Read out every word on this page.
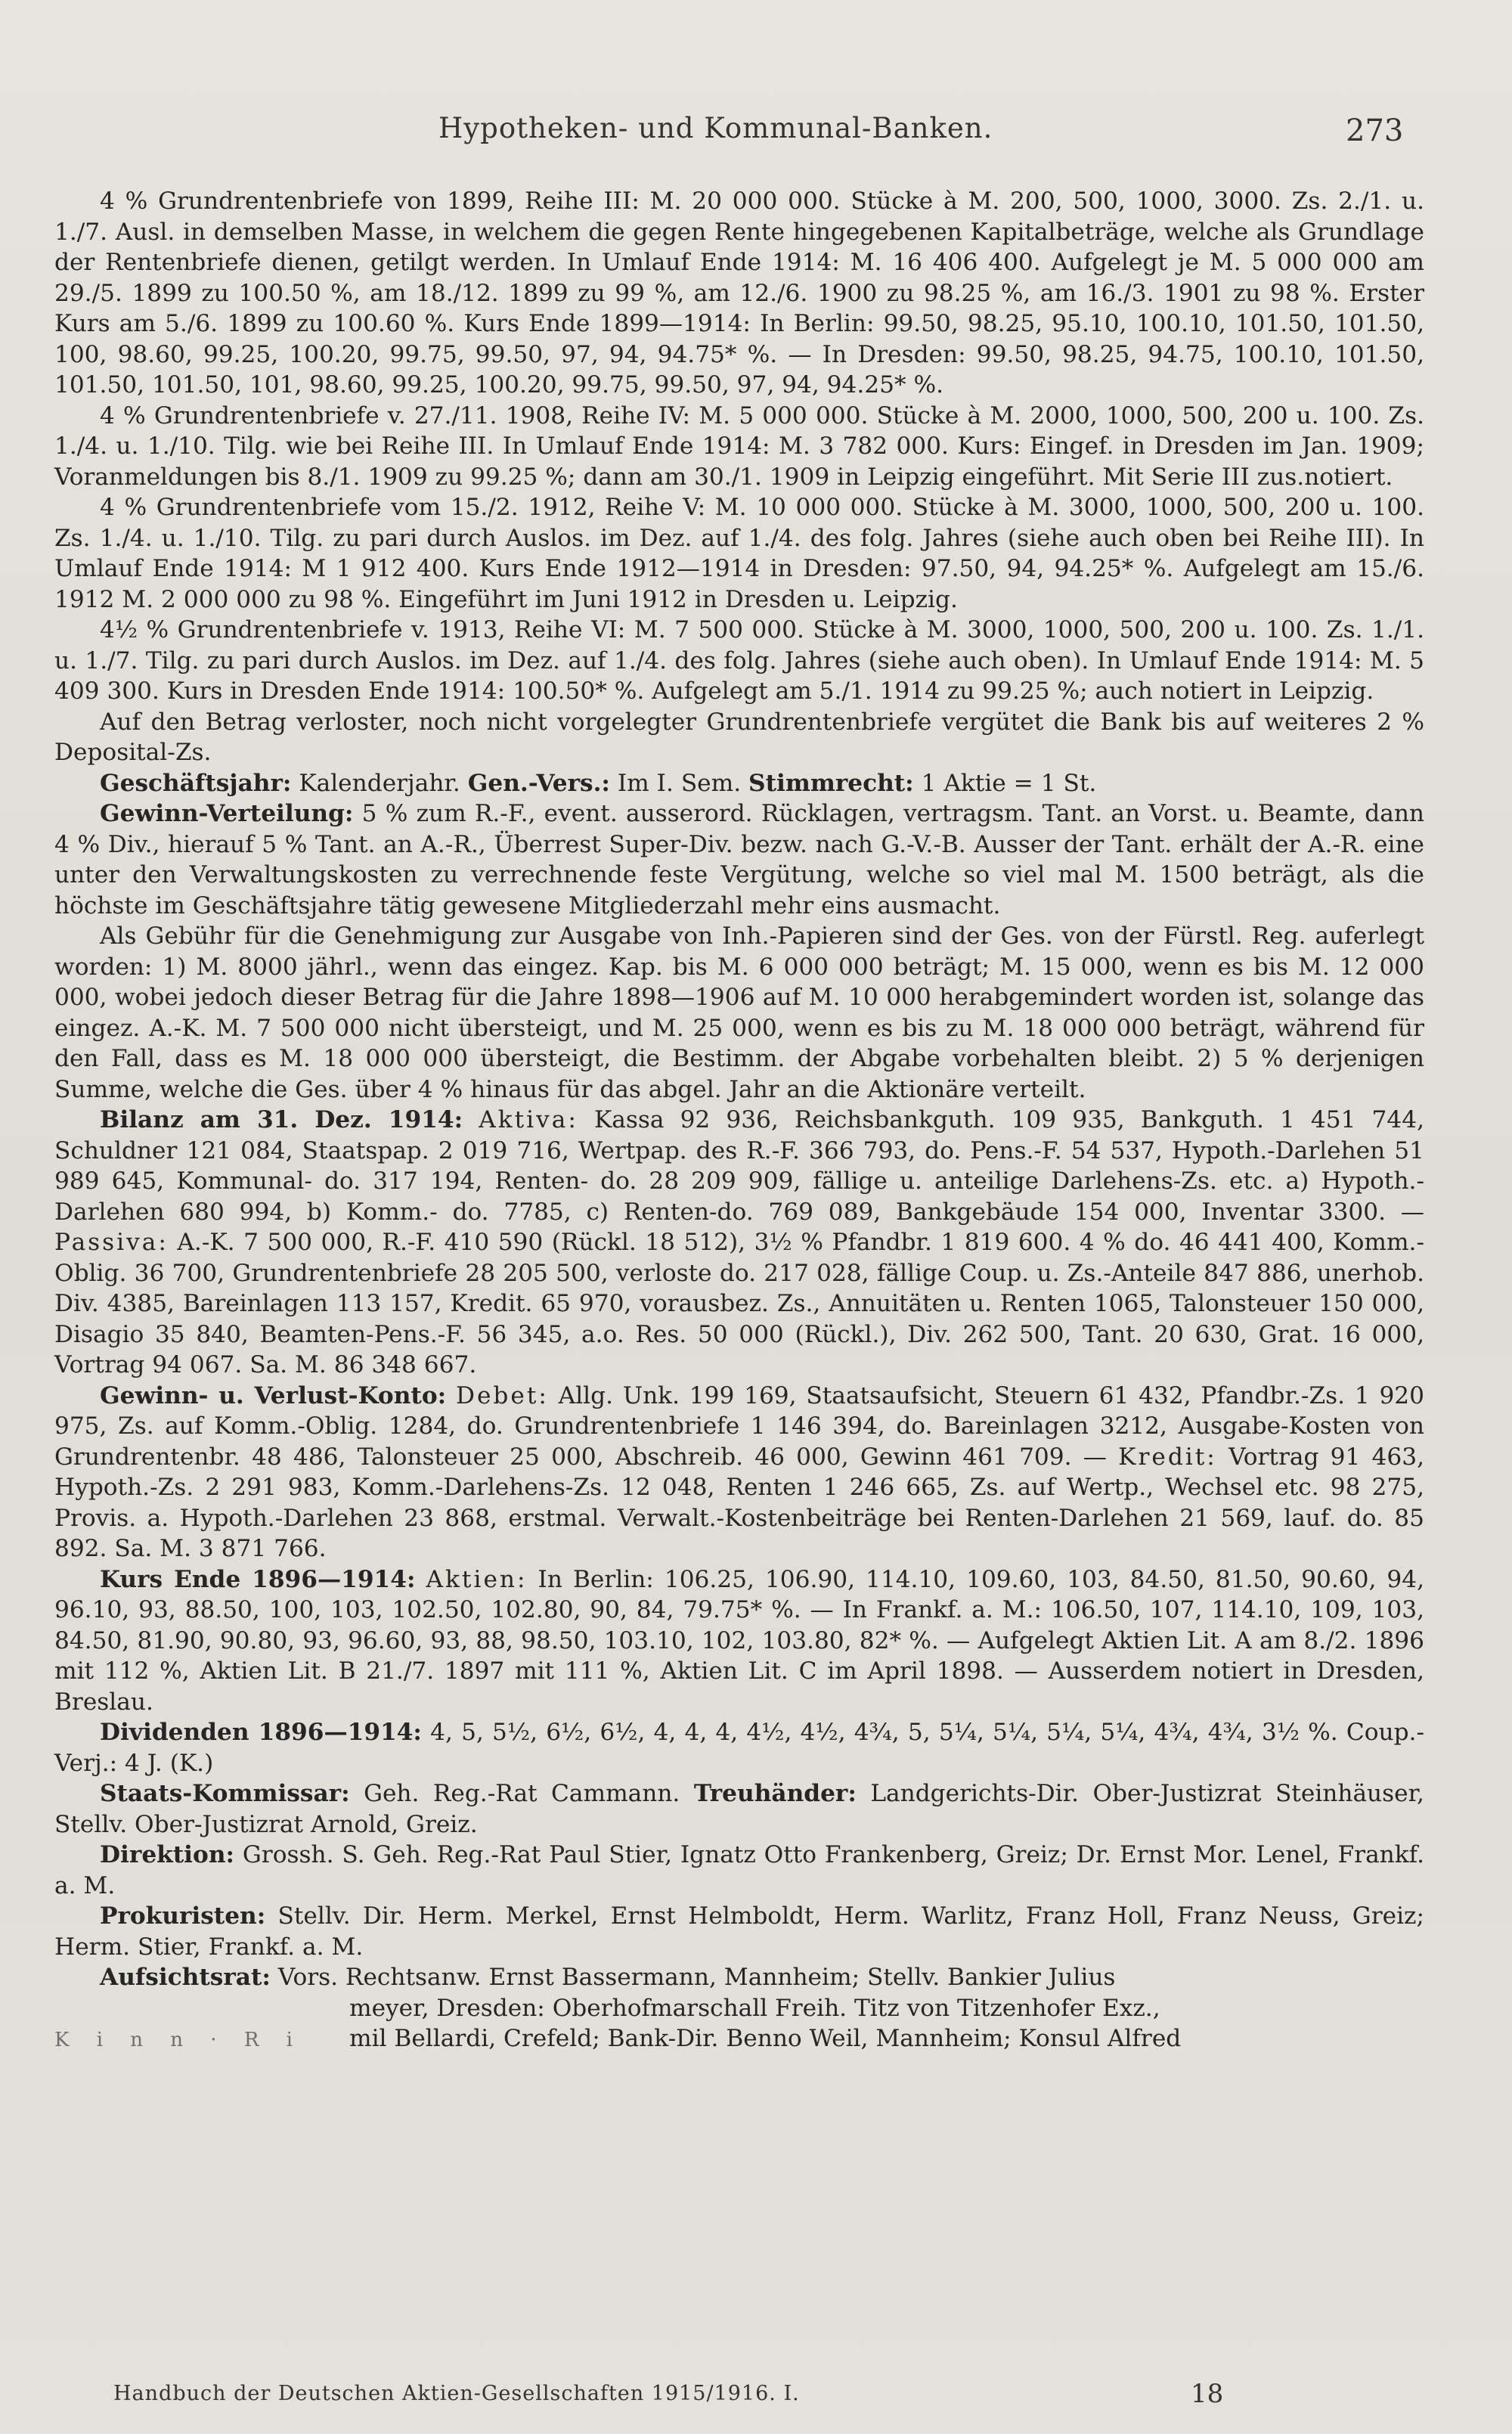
Hypotheken- und Kommunal-Banken.	273

4 % Grundrentenbriefe von 1899, Reihe III: M. 20 000 000. Stücke à M. 200, 500, 1000, 3000. Zs. 2./1. u. 1./7. Ausl. in demselben Masse, in welchem die gegen Rente hingegebenen Kapitalbeträge, welche als Grundlage der Rentenbriefe dienen, getilgt werden. In Umlauf Ende 1914: M. 16 406 400. Aufgelegt je M. 5 000 000 am 29./5. 1899 zu 100.50 %, am 18./12. 1899 zu 99 %, am 12./6. 1900 zu 98.25 %, am 16./3. 1901 zu 98 %. Erster Kurs am 5./6. 1899 zu 100.60 %. Kurs Ende 1899—1914: In Berlin: 99.50, 98.25, 95.10, 100.10, 101.50, 101.50, 100, 98.60, 99.25, 100.20, 99.75, 99.50, 97, 94, 94.75* %. — In Dresden: 99.50, 98.25, 94.75, 100.10, 101.50, 101.50, 101.50, 101, 98.60, 99.25, 100.20, 99.75, 99.50, 97, 94, 94.25* %.

4 % Grundrentenbriefe v. 27./11. 1908, Reihe IV: M. 5 000 000. Stücke à M. 2000, 1000, 500, 200 u. 100. Zs. 1./4. u. 1./10. Tilg. wie bei Reihe III. In Umlauf Ende 1914: M. 3 782 000. Kurs: Eingef. in Dresden im Jan. 1909; Voranmeldungen bis 8./1. 1909 zu 99.25 %; dann am 30./1. 1909 in Leipzig eingeführt. Mit Serie III zus.notiert.

4 % Grundrentenbriefe vom 15./2. 1912, Reihe V: M. 10 000 000. Stücke à M. 3000, 1000, 500, 200 u. 100. Zs. 1./4. u. 1./10. Tilg. zu pari durch Auslos. im Dez. auf 1./4. des folg. Jahres (siehe auch oben bei Reihe III). In Umlauf Ende 1914: M 1 912 400. Kurs Ende 1912—1914 in Dresden: 97.50, 94, 94.25* %. Aufgelegt am 15./6. 1912 M. 2 000 000 zu 98 %. Eingeführt im Juni 1912 in Dresden u. Leipzig.

4½ % Grundrentenbriefe v. 1913, Reihe VI: M. 7 500 000. Stücke à M. 3000, 1000, 500, 200 u. 100. Zs. 1./1. u. 1./7. Tilg. zu pari durch Auslos. im Dez. auf 1./4. des folg. Jahres (siehe auch oben). In Umlauf Ende 1914: M. 5 409 300. Kurs in Dresden Ende 1914: 100.50* %. Aufgelegt am 5./1. 1914 zu 99.25 %; auch notiert in Leipzig.

Auf den Betrag verloster, noch nicht vorgelegter Grundrentenbriefe vergütet die Bank bis auf weiteres 2 % Deposital-Zs.

Geschäftsjahr: Kalenderjahr. Gen.-Vers.: Im I. Sem. Stimmrecht: 1 Aktie = 1 St.

Gewinn-Verteilung: 5 % zum R.-F., event. ausserord. Rücklagen, vertragsm. Tant. an Vorst. u. Beamte, dann 4 % Div., hierauf 5 % Tant. an A.-R., Überrest Super-Div. bezw. nach G.-V.-B. Ausser der Tant. erhält der A.-R. eine unter den Verwaltungskosten zu verrechnende feste Vergütung, welche so viel mal M. 1500 beträgt, als die höchste im Geschäftsjahre tätig gewesene Mitgliederzahl mehr eins ausmacht.

Als Gebühr für die Genehmigung zur Ausgabe von Inh.-Papieren sind der Ges. von der Fürstl. Reg. auferlegt worden: 1) M. 8000 jährl., wenn das eingez. Kap. bis M. 6 000 000 beträgt; M. 15 000, wenn es bis M. 12 000 000, wobei jedoch dieser Betrag für die Jahre 1898—1906 auf M. 10 000 herabgemindert worden ist, solange das eingez. A.-K. M. 7 500 000 nicht übersteigt, und M. 25 000, wenn es bis zu M. 18 000 000 beträgt, während für den Fall, dass es M. 18 000 000 übersteigt, die Bestimm. der Abgabe vorbehalten bleibt. 2) 5 % derjenigen Summe, welche die Ges. über 4 % hinaus für das abgel. Jahr an die Aktionäre verteilt.

Bilanz am 31. Dez. 1914: Aktiva: Kassa 92 936, Reichsbankguth. 109 935, Bankguth. 1 451 744, Schuldner 121 084, Staatspap. 2 019 716, Wertpap. des R.-F. 366 793, do. Pens.-F. 54 537, Hypoth.-Darlehen 51 989 645, Kommunal- do. 317 194, Renten- do. 28 209 909, fällige u. anteilige Darlehens-Zs. etc. a) Hypoth.-Darlehen 680 994, b) Komm.- do. 7785, c) Renten-do. 769 089, Bankgebäude 154 000, Inventar 3300. — Passiva: A.-K. 7 500 000, R.-F. 410 590 (Rückl. 18 512), 3½ % Pfandbr. 1 819 600. 4 % do. 46 441 400, Komm.-Oblig. 36 700, Grundrentenbriefe 28 205 500, verloste do. 217 028, fällige Coup. u. Zs.-Anteile 847 886, unerhob. Div. 4385, Bareinlagen 113 157, Kredit. 65 970, vorausbez. Zs., Annuitäten u. Renten 1065, Talonsteuer 150 000, Disagio 35 840, Beamten-Pens.-F. 56 345, a.o. Res. 50 000 (Rückl.), Div. 262 500, Tant. 20 630, Grat. 16 000, Vortrag 94 067. Sa. M. 86 348 667.

Gewinn- u. Verlust-Konto: Debet: Allg. Unk. 199 169, Staatsaufsicht, Steuern 61 432, Pfandbr.-Zs. 1 920 975, Zs. auf Komm.-Oblig. 1284, do. Grundrentenbriefe 1 146 394, do. Bareinlagen 3212, Ausgabe-Kosten von Grundrentenbr. 48 486, Talonsteuer 25 000, Abschreib. 46 000, Gewinn 461 709. — Kredit: Vortrag 91 463, Hypoth.-Zs. 2 291 983, Komm.-Darlehens-Zs. 12 048, Renten 1 246 665, Zs. auf Wertp., Wechsel etc. 98 275, Provis. a. Hypoth.-Darlehen 23 868, erstmal. Verwalt.-Kostenbeiträge bei Renten-Darlehen 21 569, lauf. do. 85 892. Sa. M. 3 871 766.

Kurs Ende 1896—1914: Aktien: In Berlin: 106.25, 106.90, 114.10, 109.60, 103, 84.50, 81.50, 90.60, 94, 96.10, 93, 88.50, 100, 103, 102.50, 102.80, 90, 84, 79.75* %. — In Frankf. a. M.: 106.50, 107, 114.10, 109, 103, 84.50, 81.90, 90.80, 93, 96.60, 93, 88, 98.50, 103.10, 102, 103.80, 82* %. — Aufgelegt Aktien Lit. A am 8./2. 1896 mit 112 %, Aktien Lit. B 21./7. 1897 mit 111 %, Aktien Lit. C im April 1898. — Ausserdem notiert in Dresden, Breslau.

Dividenden 1896—1914: 4, 5, 5½, 6½, 6½, 4, 4, 4, 4½, 4½, 4¾, 5, 5¼, 5¼, 5¼, 5¼, 4¾, 4¾, 3½ %. Coup.-Verj.: 4 J. (K.)

Staats-Kommissar: Geh. Reg.-Rat Cammann. Treuhänder: Landgerichts-Dir. Ober-Justizrat Steinhäuser, Stellv. Ober-Justizrat Arnold, Greiz.

Direktion: Grossh. S. Geh. Reg.-Rat Paul Stier, Ignatz Otto Frankenberg, Greiz; Dr. Ernst Mor. Lenel, Frankf. a. M.

Prokuristen: Stellv. Dir. Herm. Merkel, Ernst Helmboldt, Herm. Warlitz, Franz Holl, Franz Neuss, Greiz; Herm. Stier, Frankf. a. M.

Aufsichtsrat: Vors. Rechtsanw. Ernst Bassermann, Mannheim; Stellv. Bankier Julius

meyer, Dresden: Oberhofmarschall Freih. Titz von Titzenhofer Exz.,
K i n n · R i	mil Bellardi, Crefeld; Bank-Dir. Benno Weil, Mannheim; Konsul Alfred
Handbuch der Deutschen Aktien-Gesellschaften 1915/1916. I.	18
